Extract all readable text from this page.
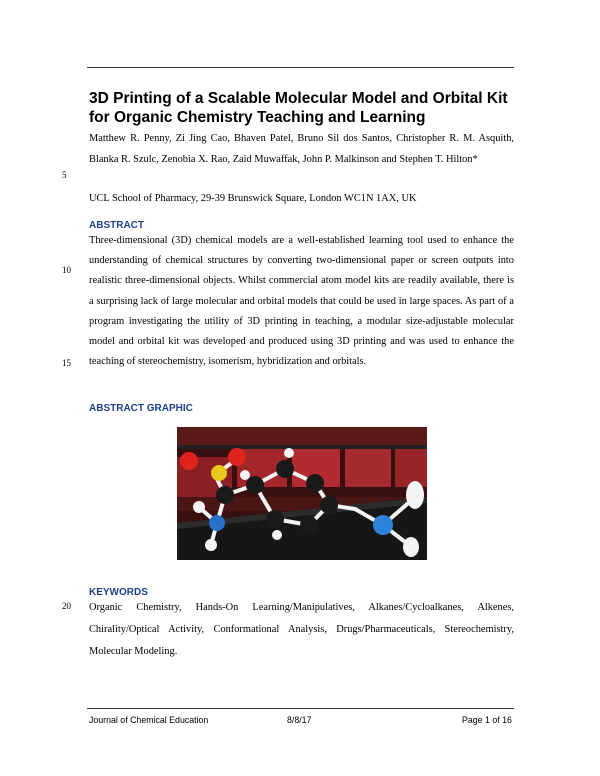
3D Printing of a Scalable Molecular Model and Orbital Kit for Organic Chemistry Teaching and Learning

Matthew R. Penny, Zi Jing Cao, Bhaven Patel, Bruno Sil dos Santos, Christopher R. M. Asquith, Blanka R. Szulc, Zenobia X. Rao, Zaid Muwaffak, John P. Malkinson and Stephen T. Hilton*

5

UCL School of Pharmacy, 29-39 Brunswick Square, London WC1N 1AX, UK

ABSTRACT

Three-dimensional (3D) chemical models are a well-established learning tool used to enhance the understanding of chemical structures by converting two-dimensional paper or screen outputs into realistic three-dimensional objects. Whilst commercial atom model kits are readily available, there is a surprising lack of large molecular and orbital models that could be used in large spaces. As part of a program investigating the utility of 3D printing in teaching, a modular size-adjustable molecular model and orbital kit was developed and produced using 3D printing and was used to enhance the teaching of stereochemistry, isomerism, hybridization and orbitals.

10
15
ABSTRACT GRAPHIC
KEYWORDS
20 Organic Chemistry, Hands-On Learning/Manipulatives, Alkanes/Cycloalkanes, Alkenes, Chirality/Optical Activity, Conformational Analysis, Drugs/Pharmaceuticals, Stereochemistry, Molecular Modeling.

Journal of Chemical Education	8/8/17	Page 1 of 16
